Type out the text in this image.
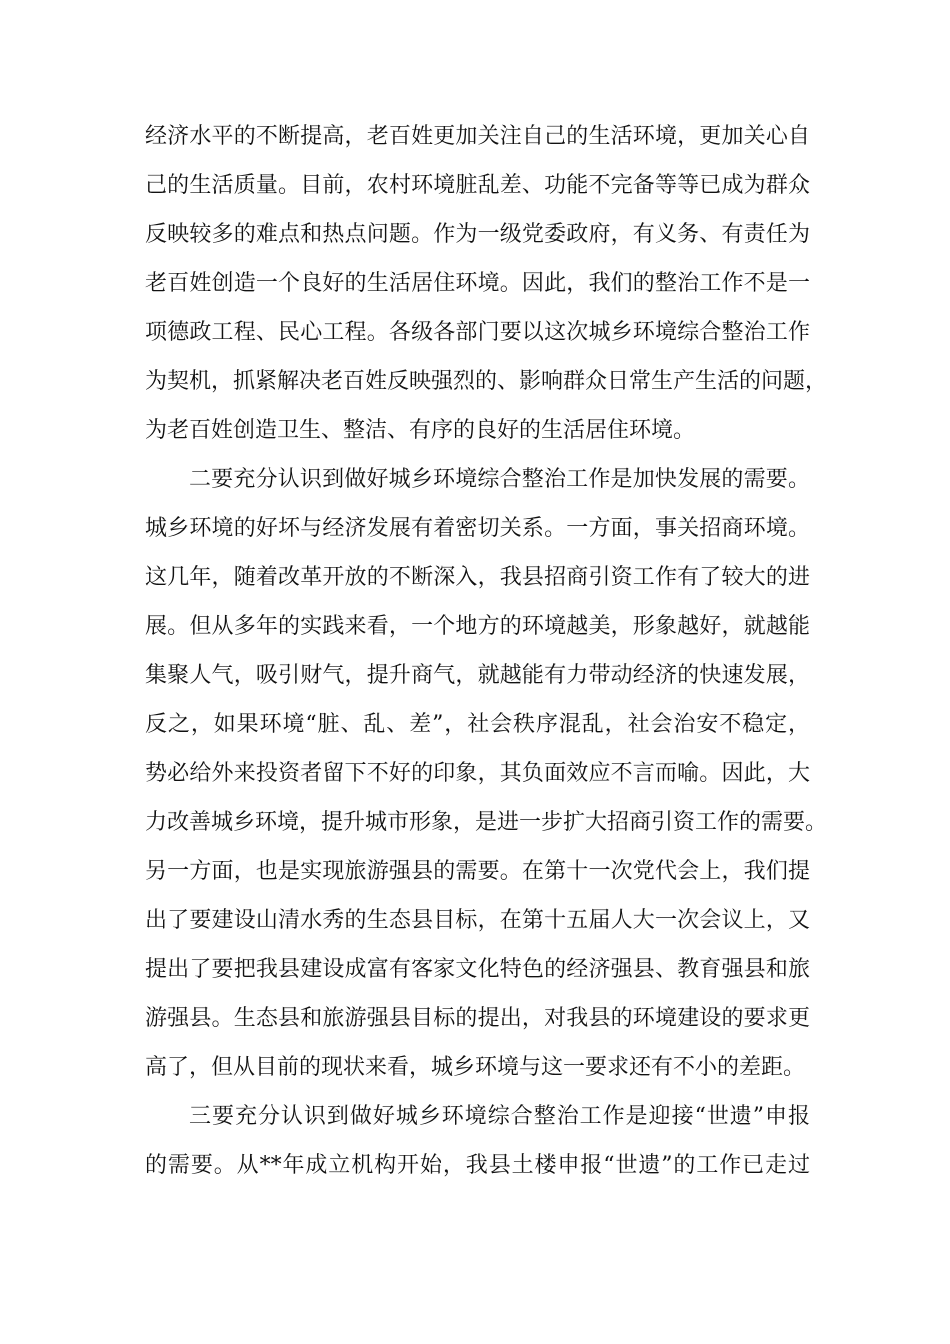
经济水平的不断提高，老百姓更加关注自己的生活环境，更加关心自
己的生活质量。目前，农村环境脏乱差、功能不完备等等已成为群众
反映较多的难点和热点问题。作为一级党委政府，有义务、有责任为
老百姓创造一个良好的生活居住环境。因此，我们的整治工作不是一
项德政工程、民心工程。各级各部门要以这次城乡环境综合整治工作
为契机，抓紧解决老百姓反映强烈的、影响群众日常生产生活的问题，
为老百姓创造卫生、整洁、有序的良好的生活居住环境。
二要充分认识到做好城乡环境综合整治工作是加快发展的需要。
城乡环境的好坏与经济发展有着密切关系。一方面，事关招商环境。
这几年，随着改革开放的不断深入，我县招商引资工作有了较大的进
展。但从多年的实践来看，一个地方的环境越美，形象越好，就越能
集聚人气，吸引财气，提升商气，就越能有力带动经济的快速发展，
反之，如果环境“脏、乱、差”，社会秩序混乱，社会治安不稳定，
势必给外来投资者留下不好的印象，其负面效应不言而喻。因此，大
力改善城乡环境，提升城市形象，是进一步扩大招商引资工作的需要。
另一方面，也是实现旅游强县的需要。在第十一次党代会上，我们提
出了要建设山清水秀的生态县目标，在第十五届人大一次会议上，又
提出了要把我县建设成富有客家文化特色的经济强县、教育强县和旅
游强县。生态县和旅游强县目标的提出，对我县的环境建设的要求更
高了，但从目前的现状来看，城乡环境与这一要求还有不小的差距。
三要充分认识到做好城乡环境综合整治工作是迎接“世遗”申报
的需要。从**年成立机构开始，我县土楼申报“世遗”的工作已走过
